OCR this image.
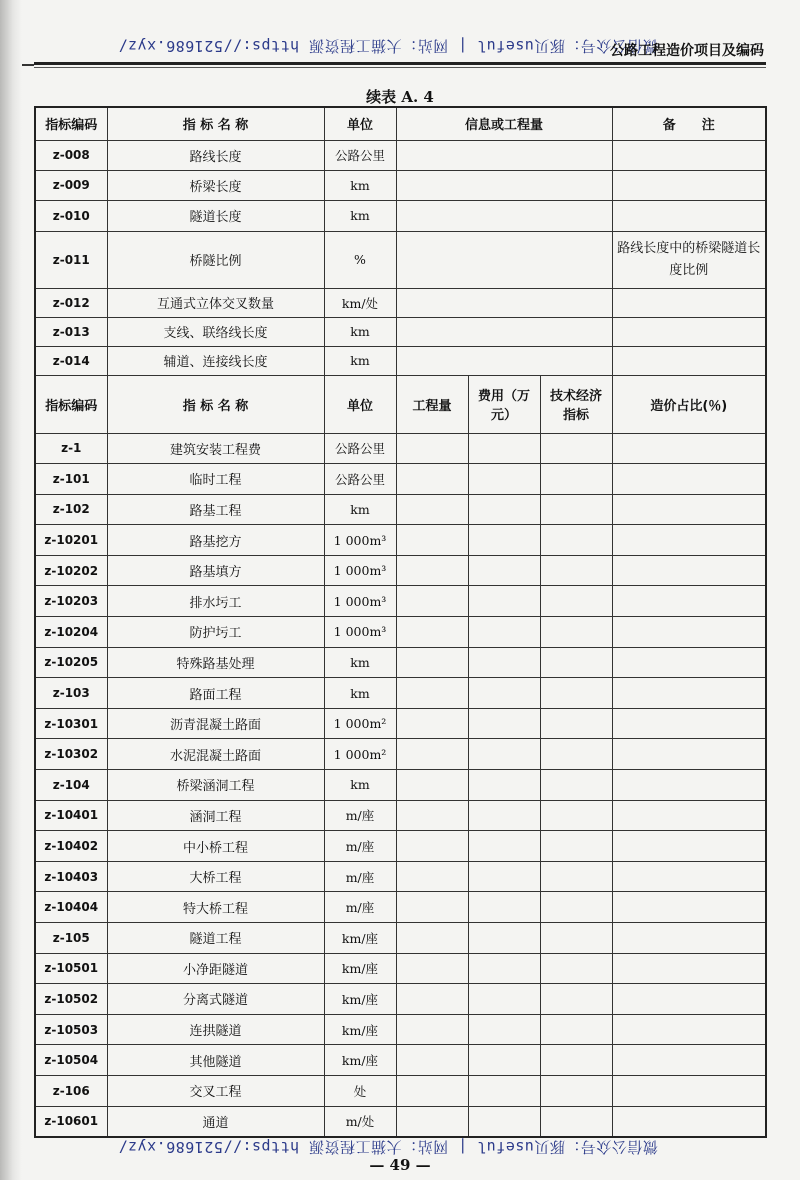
微信公众号：豚贝useful | 网站：大猫工程资源 https://521686.xyz/
公路工程造价项目及编码
续表 A. 4
指标编码	指 标 名 称	单位	信息或工程量			备　　注
z-008	路线长度	公路公里				
z-009	桥梁长度	km				
z-010	隧道长度	km				
z-011	桥隧比例	%				路线长度中的桥梁隧道长度比例
z-012	互通式立体交叉数量	km/处				
z-013	支线、联络线长度	km				
z-014	辅道、连接线长度	km				
指标编码	指 标 名 称	单位	工程量	费用（万元）	技术经济指标	造价占比(％)
z-1	建筑安装工程费	公路公里				
z-101	临时工程	公路公里				
z-102	路基工程	km				
z-10201	路基挖方	1 000m³				
z-10202	路基填方	1 000m³				
z-10203	排水圬工	1 000m³				
z-10204	防护圬工	1 000m³				
z-10205	特殊路基处理	km				
z-103	路面工程	km				
z-10301	沥青混凝土路面	1 000m²				
z-10302	水泥混凝土路面	1 000m²				
z-104	桥梁涵洞工程	km				
z-10401	涵洞工程	m/座				
z-10402	中小桥工程	m/座				
z-10403	大桥工程	m/座				
z-10404	特大桥工程	m/座				
z-105	隧道工程	km/座				
z-10501	小净距隧道	km/座				
z-10502	分离式隧道	km/座				
z-10503	连拱隧道	km/座				
z-10504	其他隧道	km/座				
z-106	交叉工程	处				
z-10601	通道	m/处				
微信公众号：豚贝useful | 网站：大猫工程资源 https://521686.xyz/
— 49 —
